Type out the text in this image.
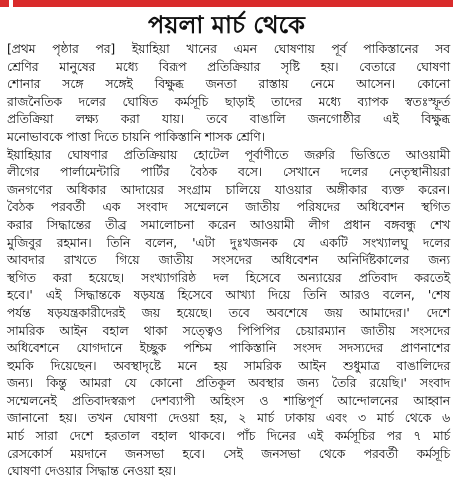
পয়লা মার্চ থেকে
[প্রথম পৃষ্ঠার পর] ইয়াহিয়া খানের এমন ঘোষণায় পূর্ব পাকিস্তানের সব
শ্রেণির মানুষের মধ্যে বিরূপ প্রতিক্রিয়ার সৃষ্টি হয়। বেতারে ঘোষণা
শোনার সঙ্গে সঙ্গেই বিক্ষুব্ধ জনতা রাস্তায় নেমে আসেন। কোনো
রাজনৈতিক দলের ঘোষিত কর্মসূচি ছাড়াই তাদের মধ্যে ব্যাপক স্বতঃস্ফূর্ত
প্রতিক্রিয়া লক্ষ্য করা যায়। তবে বাঙালি জনগোষ্ঠীর এই বিক্ষুব্ধ
মনোভাবকে পাত্তা দিতে চায়নি পাকিস্তানি শাসক শ্রেণি।
ইয়াহিয়ার ঘোষণার প্রতিক্রিয়ায় হোটেল পূর্বাণীতে জরুরি ভিত্তিতে আওয়ামী
লীগের পার্লামেন্টারি পার্টির বৈঠক বসে। সেখানে দলের নেতৃস্থানীয়রা
জনগণের অধিকার আদায়ের সংগ্রাম চালিয়ে যাওয়ার অঙ্গীকার ব্যক্ত করেন।
বৈঠক পরবর্তী এক সংবাদ সম্মেলনে জাতীয় পরিষদের অধিবেশন স্থগিত
করার সিদ্ধান্তের তীব্র সমালোচনা করেন আওয়ামী লীগ প্রধান বঙ্গবন্ধু শেখ
মুজিবুর রহমান। তিনি বলেন, 'এটা দুঃখজনক যে একটি সংখ্যালঘু দলের
আবদার রাখতে গিয়ে জাতীয় সংসদের অধিবেশন অনির্দিষ্টকালের জন্য
স্থগিত করা হয়েছে। সংখ্যাগরিষ্ঠ দল হিসেবে অন্যায়ের প্রতিবাদ করতেই
হবে।' এই সিদ্ধান্তকে ষড়যন্ত্র হিসেবে আখ্যা দিয়ে তিনি আরও বলেন, 'শেষ
পর্যন্ত ষড়যন্ত্রকারীদেরই জয় হয়েছে। তবে অবশেষে জয় আমাদের।' দেশে
সামরিক আইন বহাল থাকা সত্ত্বেও পিপিপির চেয়ারম্যান জাতীয় সংসদের
অধিবেশনে যোগদানে ইচ্ছুক পশ্চিম পাকিস্তানি সংসদ সদস্যদের প্রাণনাশের
হুমকি দিয়েছেন। অবস্থাদৃষ্টে মনে হয় সামরিক আইন শুধুমাত্র বাঙালিদের
জন্য। কিন্তু আমরা যে কোনো প্রতিকূল অবস্থার জন্য তৈরি রয়েছি।' সংবাদ
সম্মেলনেই প্রতিবাদস্বরূপ দেশব্যাপী অহিংস ও শান্তিপূর্ণ আন্দোলনের আহ্বান
জানানো হয়। তখন ঘোষণা দেওয়া হয়, ২ মার্চ ঢাকায় এবং ৩ মার্চ থেকে ৬
মার্চ সারা দেশে হরতাল বহাল থাকবে। পাঁচ দিনের এই কর্মসূচির পর ৭ মার্চ
রেসকোর্স ময়দানে জনসভা হবে। সেই জনসভা থেকে পরবর্তী কর্মসূচি
ঘোষণা দেওয়ার সিদ্ধান্ত নেওয়া হয়।
